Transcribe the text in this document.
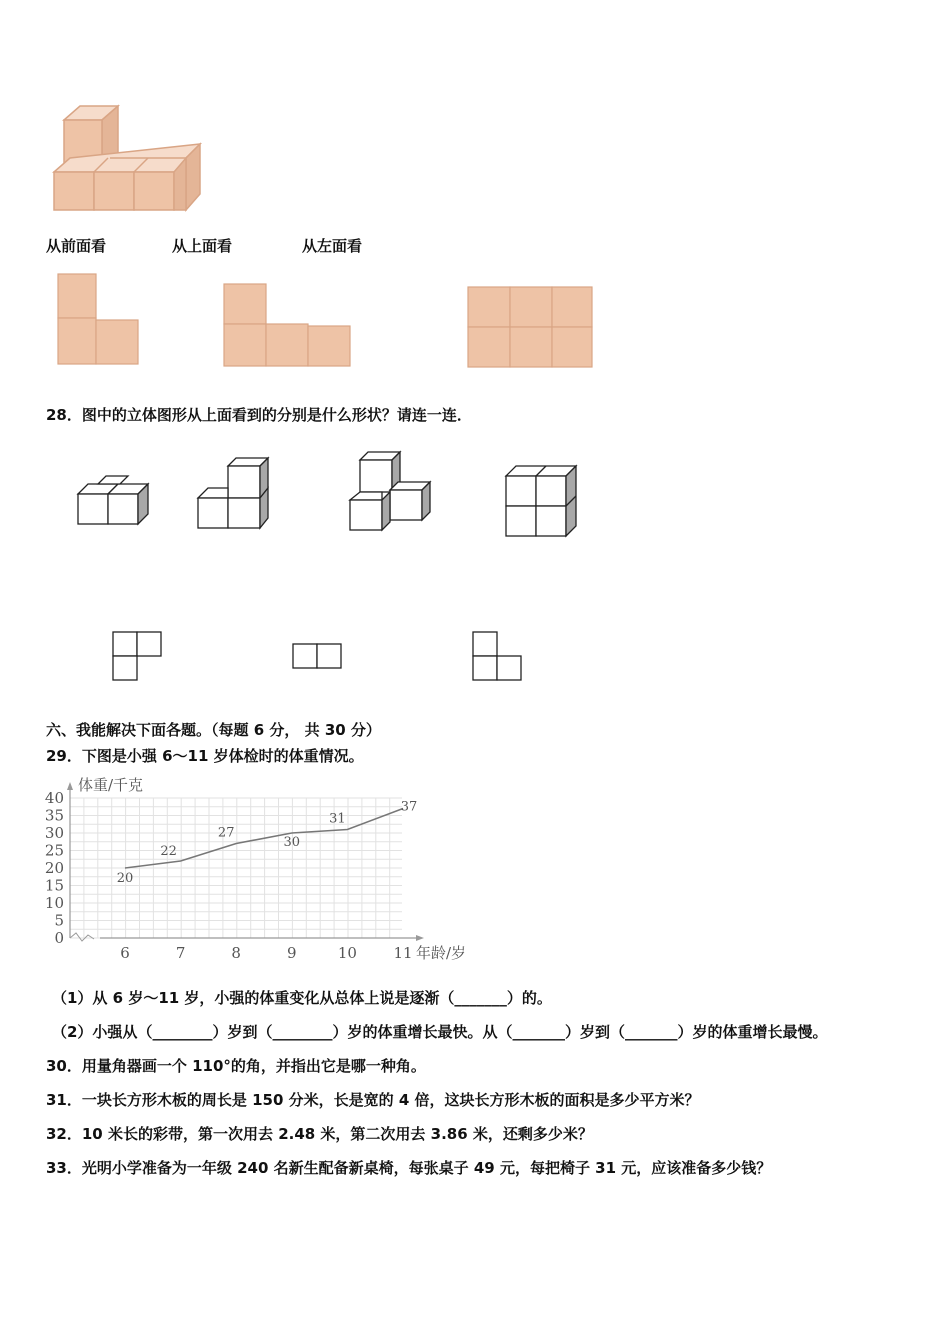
从前面看	从上面看	从左面看
28．图中的立体图形从上面看到的分别是什么形状？请连一连．
六、我能解决下面各题。（每题 6 分， 共 30 分）
29．下图是小强 6～11 岁体检时的体重情况。
0
5
10
15
20
25
30
35
40
6	7	8	9	10 11
体重/千克
年龄/岁
20
22
27
30
31
37
（1）从 6 岁～11 岁，小强的体重变化从总体上说是逐渐（_______）的。
（2）小强从（________）岁到（________）岁的体重增长最快。从（_______）岁到（_______）岁的体重增长最慢。
30．用量角器画一个 110°的角，并指出它是哪一种角。
31．一块长方形木板的周长是 150 分米，长是宽的 4 倍，这块长方形木板的面积是多少平方米？
32．10 米长的彩带，第一次用去 2.48 米，第二次用去 3.86 米，还剩多少米？
33．光明小学准备为一年级 240 名新生配备新桌椅，每张桌子 49 元，每把椅子 31 元，应该准备多少钱？
